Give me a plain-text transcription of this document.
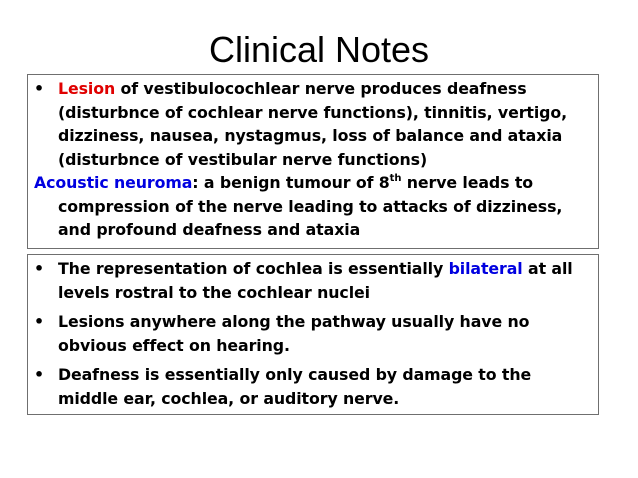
Clinical Notes
• Lesion of vestibulocochlear nerve produces deafness (disturbnce of cochlear nerve functions), tinnitis, vertigo, dizziness, nausea, nystagmus, loss of balance and ataxia (disturbnce of vestibular nerve functions)
Acoustic neuroma: a benign tumour of 8th nerve leads to compression of the nerve leading to attacks of dizziness, and profound deafness and ataxia
• The representation of cochlea is essentially bilateral at all levels rostral to the cochlear nuclei
• Lesions anywhere along the pathway usually have no obvious effect on hearing.
• Deafness is essentially only caused by damage to the middle ear, cochlea, or auditory nerve.
